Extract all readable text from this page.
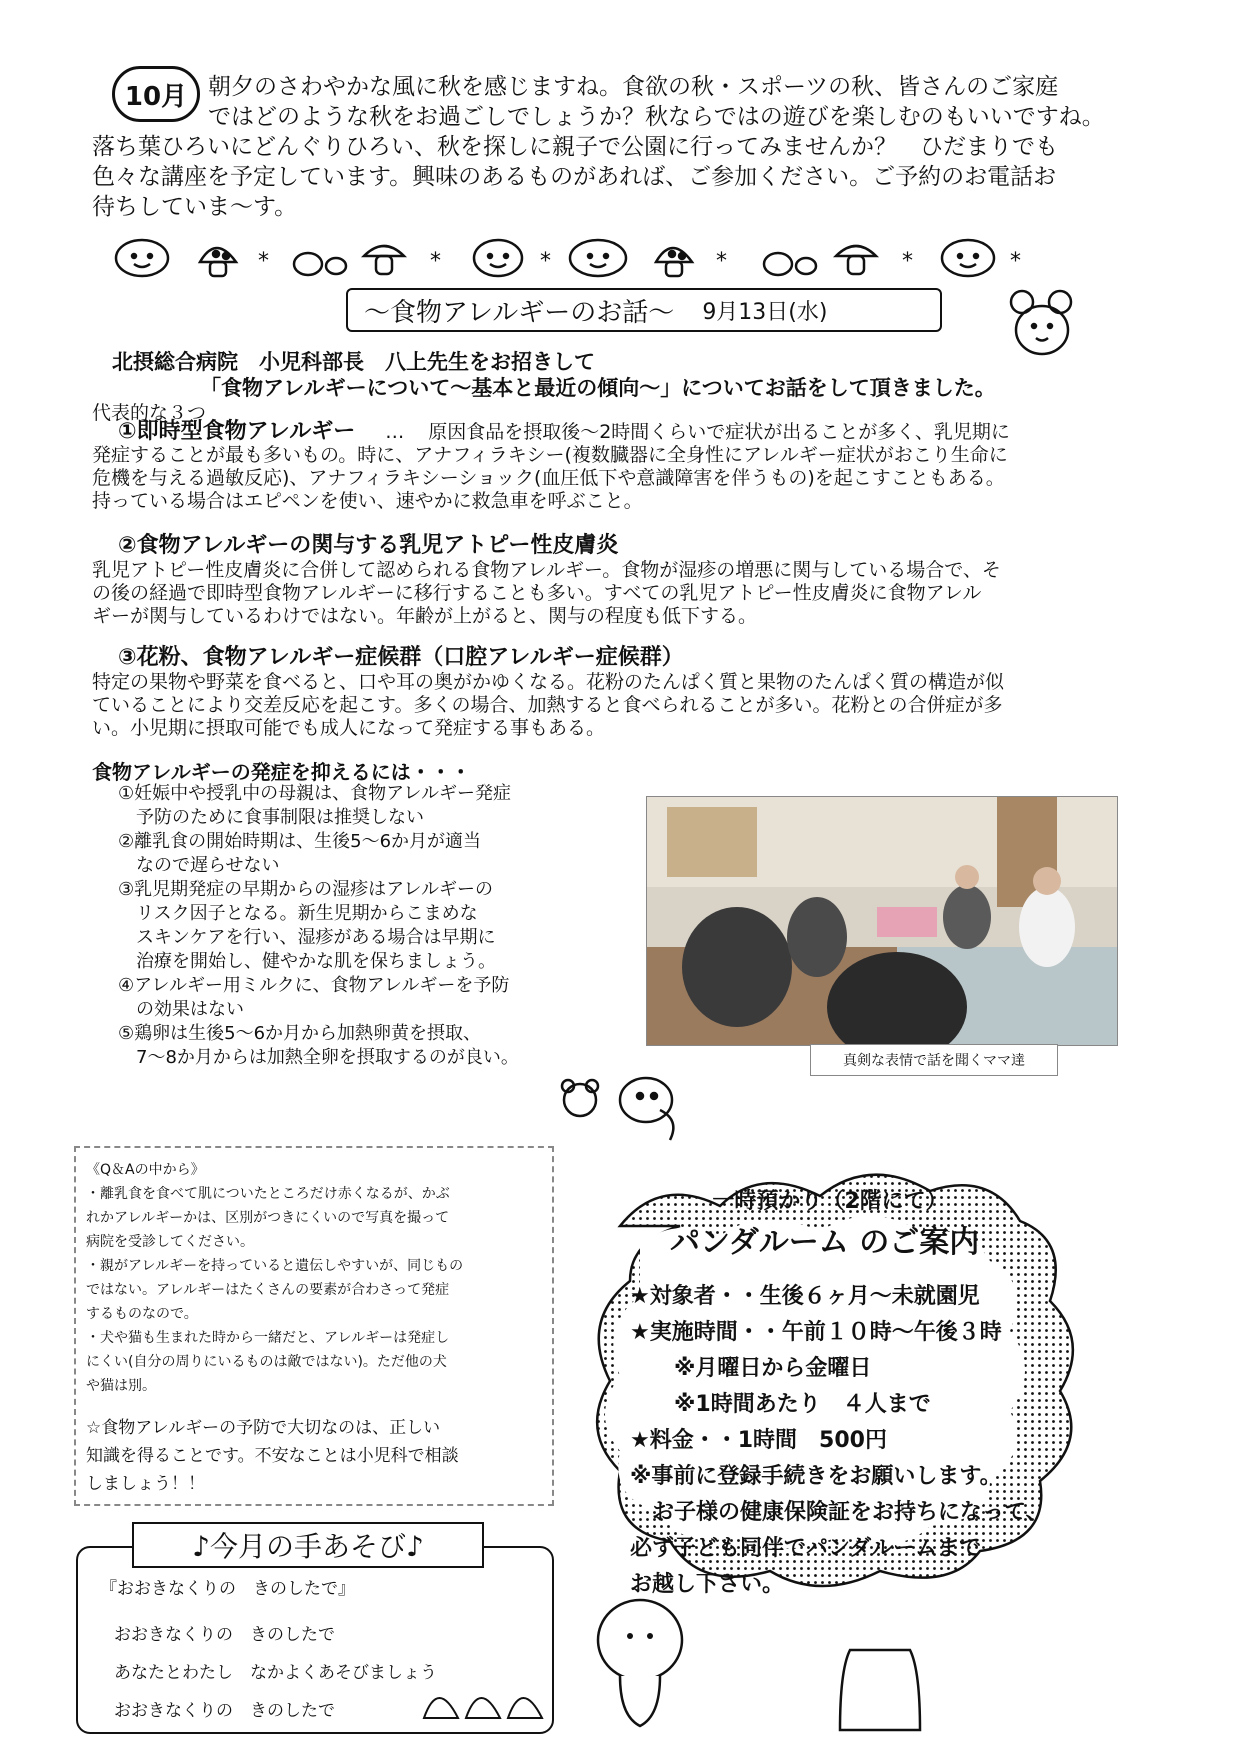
10月 朝夕のさわやかな風に秋を感じますね。食欲の秋・スポーツの秋、皆さんのご家庭
ではどのような秋をお過ごしでしょうか？秋ならではの遊びを楽しむのもいいですね。
落ち葉ひろいにどんぐりひろい、秋を探しに親子で公園に行ってみませんか？　ひだまりでも
色々な講座を予定しています。興味のあるものがあれば、ご参加ください。ご予約のお電話お
待ちしていま～す。
*	*	*	*	*	*
～食物アレルギーのお話～ 9月13日(水)
北摂総合病院　小児科部長　八上先生をお招きして
「食物アレルギーについて～基本と最近の傾向～」についてお話をして頂きました。
代表的な３つ
①即時型食物アレルギー … 原因食品を摂取後～2時間くらいで症状が出ることが多く、乳児期に
発症することが最も多いもの。時に、アナフィラキシー(複数臓器に全身性にアレルギー症状がおこり生命に
危機を与える過敏反応)、アナフィラキシーショック(血圧低下や意識障害を伴うもの)を起こすこともある。
持っている場合はエピペンを使い、速やかに救急車を呼ぶこと。
②食物アレルギーの関与する乳児アトピー性皮膚炎
乳児アトピー性皮膚炎に合併して認められる食物アレルギー。食物が湿疹の増悪に関与している場合で、そ
の後の経過で即時型食物アレルギーに移行することも多い。すべての乳児アトピー性皮膚炎に食物アレル
ギーが関与しているわけではない。年齢が上がると、関与の程度も低下する。
③花粉、食物アレルギー症候群（口腔アレルギー症候群）
特定の果物や野菜を食べると、口や耳の奥がかゆくなる。花粉のたんぱく質と果物のたんぱく質の構造が似
ていることにより交差反応を起こす。多くの場合、加熱すると食べられることが多い。花粉との合併症が多
い。小児期に摂取可能でも成人になって発症する事もある。
食物アレルギーの発症を抑えるには・・・

①妊娠中や授乳中の母親は、食物アレルギー発症

予防のために食事制限は推奨しない

②離乳食の開始時期は、生後5～6か月が適当

なので遅らせない

③乳児期発症の早期からの湿疹はアレルギーの

リスク因子となる。新生児期からこまめな

スキンケアを行い、湿疹がある場合は早期に

治療を開始し、健やかな肌を保ちましょう。

④アレルギー用ミルクに、食物アレルギーを予防

の効果はない

⑤鶏卵は生後5～6か月から加熱卵黄を摂取、

7～8か月からは加熱全卵を摂取するのが良い。	真剣な表情で話を聞くママ達

《Q＆Aの中から》

・離乳食を食べて肌についたところだけ赤くなるが、かぶ

れかアレルギーかは、区別がつきにくいので写真を撮って

病院を受診してください。

・親がアレルギーを持っていると遺伝しやすいが、同じもの

ではない。アレルギーはたくさんの要素が合わさって発症

するものなので。

・犬や猫も生まれた時から一緒だと、アレルギーは発症し

にくい(自分の周りにいるものは敵ではない)。ただ他の犬

や猫は別。

☆食物アレルギーの予防で大切なのは、正しい
知識を得ることです。不安なことは小児科で相談
しましょう！！
♪今月の手あそび♪
『おおきなくりの　きのしたで』
おおきなくりの　きのしたで
あなたとわたし　なかよくあそびましょう
おおきなくりの　きのしたで
一時預かり（2階にて）
パンダルーム のご案内
★対象者・・生後６ヶ月～未就園児
★実施時間・・午前１０時～午後３時
　　※月曜日から金曜日
　　※1時間あたり　４人まで
★料金・・1時間　500円
※事前に登録手続きをお願いします。
　お子様の健康保険証をお持ちになって、
必ず子ども同伴でパンダルームまで
お越し下さい。
